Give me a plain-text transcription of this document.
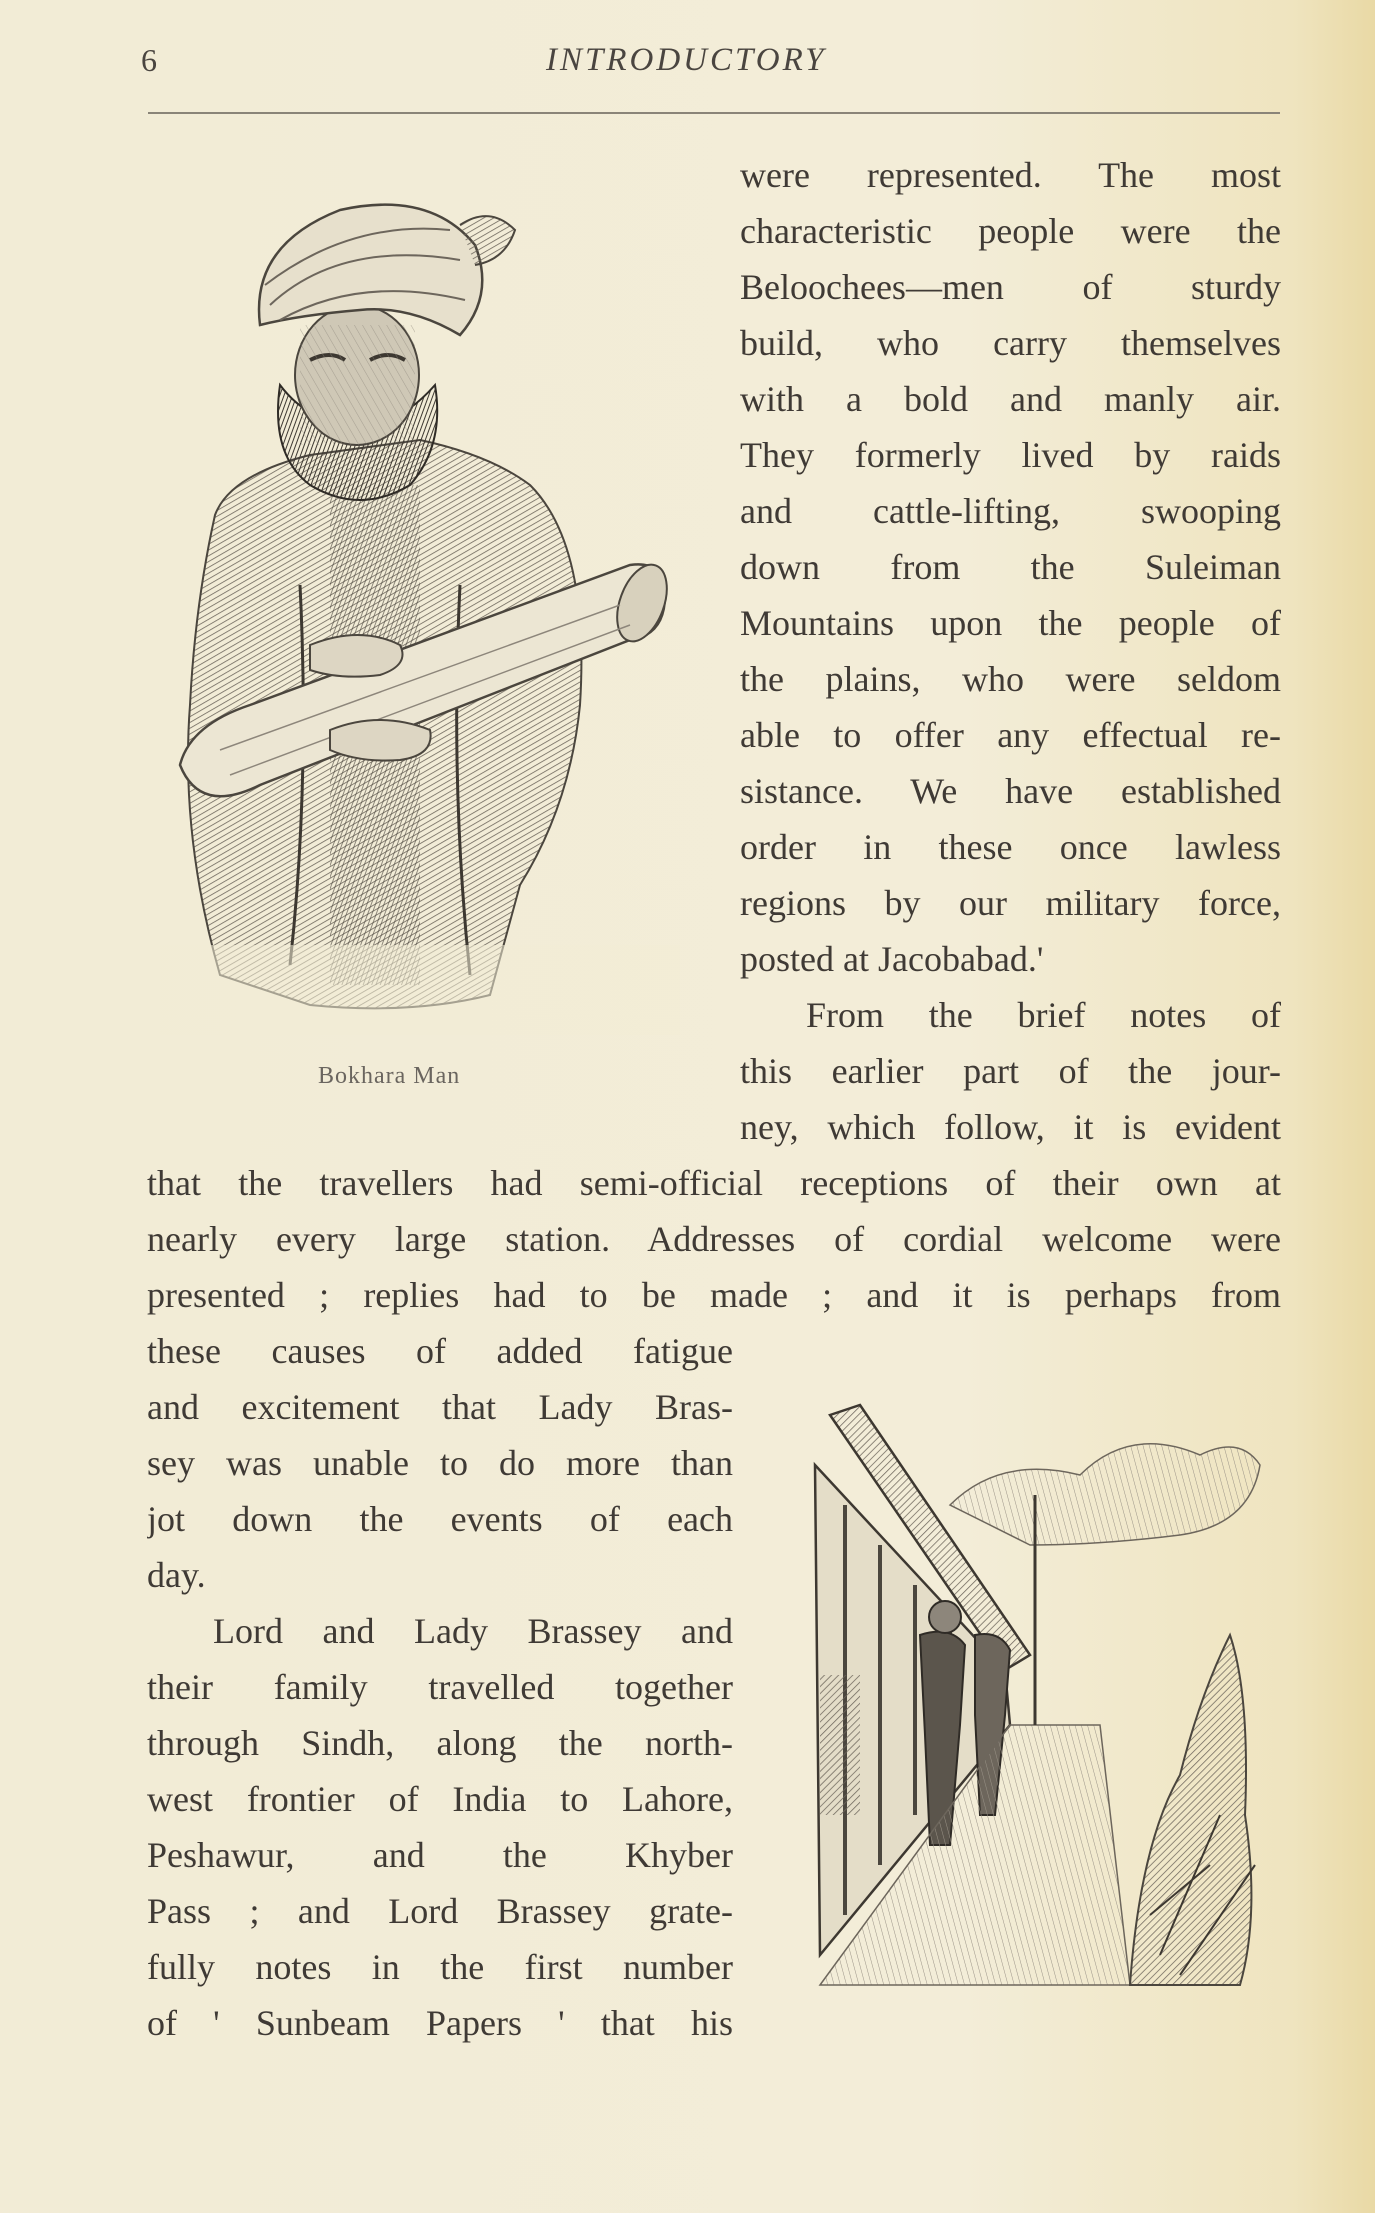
6	INTRODUCTORY
Bokhara Man

were represented. The most

characteristic people were the

Beloochees—men of sturdy

build, who carry themselves

with a bold and manly air.

They formerly lived by raids

and cattle-lifting, swooping

down from the Suleiman

Mountains upon the people of

the plains, who were seldom

able to offer any effectual re-

sistance. We have established

order in these once lawless

regions by our military force,

posted at Jacobabad.'

From the brief notes of

this earlier part of the jour-

ney, which follow, it is evident

that the travellers had semi-official receptions of their own at

nearly every large station. Addresses of cordial welcome were

presented ; replies had to be made ; and it is perhaps from

these causes of added fatigue

and excitement that Lady Bras-

sey was unable to do more than

jot down the events of each

day.

Lord and Lady Brassey and

their family travelled together

through Sindh, along the north-

west frontier of India to Lahore,

Peshawur, and the Khyber

Pass ; and Lord Brassey grate-

fully notes in the first number

of ' Sunbeam Papers ' that his
